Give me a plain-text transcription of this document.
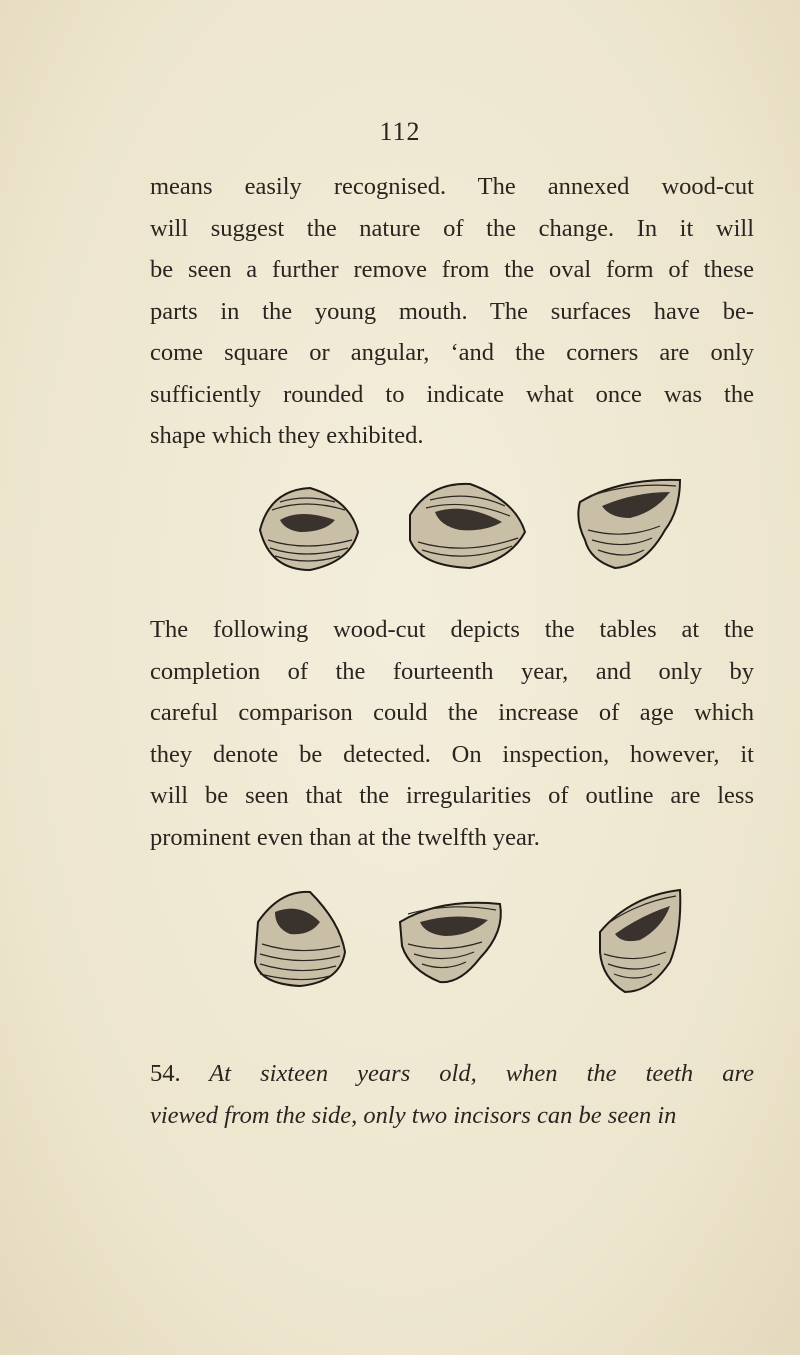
112

means easily recognised. The annexed wood-cut
will suggest the nature of the change. In it will
be seen a further remove from the oval form of these
parts in the young mouth. The surfaces have be-
come square or angular, ‘and the corners are only
sufficiently rounded to indicate what once was the
shape which they exhibited.

The following wood-cut depicts the tables at the
completion of the fourteenth year, and only by
careful comparison could the increase of age which
they denote be detected. On inspection, however, it
will be seen that the irregularities of outline are less
prominent even than at the twelfth year.

54. At sixteen years old, when the teeth are
viewed from the side, only two incisors can be seen in
